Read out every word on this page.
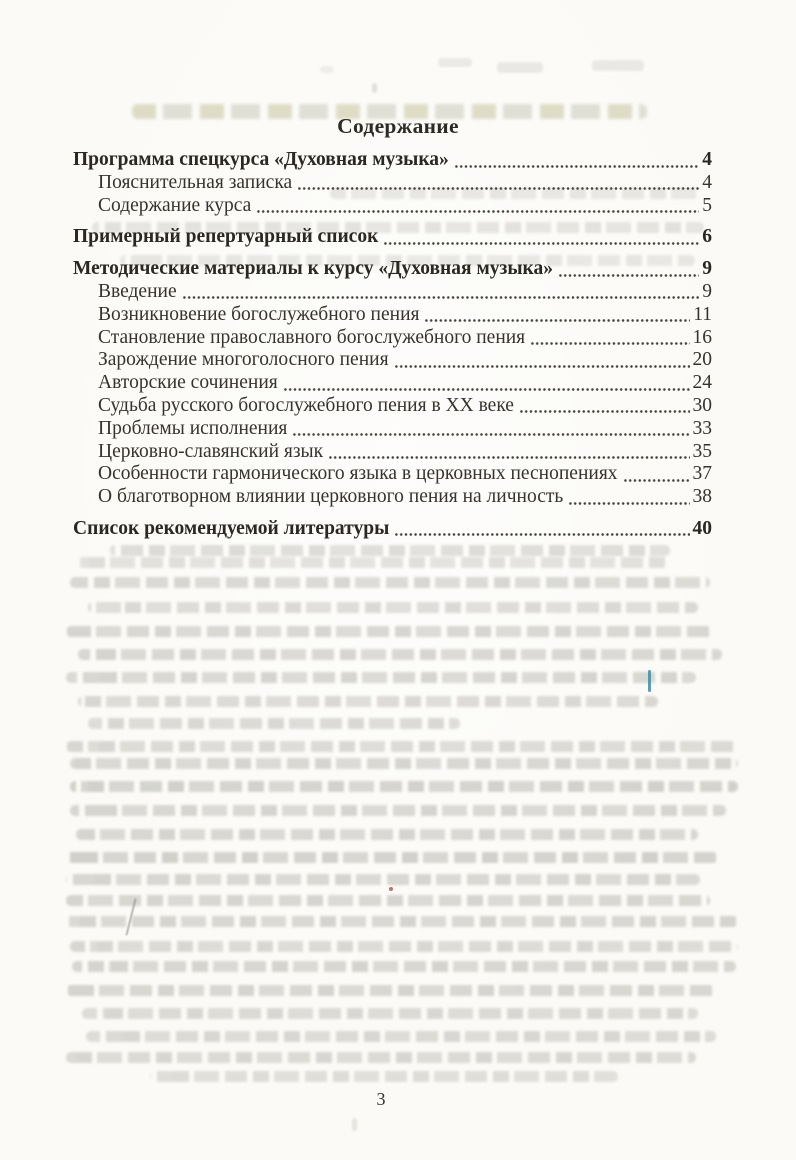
Содержание
Программа спецкурса «Духовная музыка»	4
Пояснительная записка	4
Содержание курса	5
Примерный репертуарный список	6
Методические материалы к курсу «Духовная музыка»	9
Введение	9
Возникновение богослужебного пения	11
Становление православного богослужебного пения	16
Зарождение многоголосного пения	20
Авторские сочинения	24
Судьба русского богослужебного пения в XX веке	30
Проблемы исполнения	33
Церковно-славянский язык	35
Особенности гармонического языка в церковных песнопениях	37
О благотворном влиянии церковного пения на личность	38
Список рекомендуемой литературы	40
3
